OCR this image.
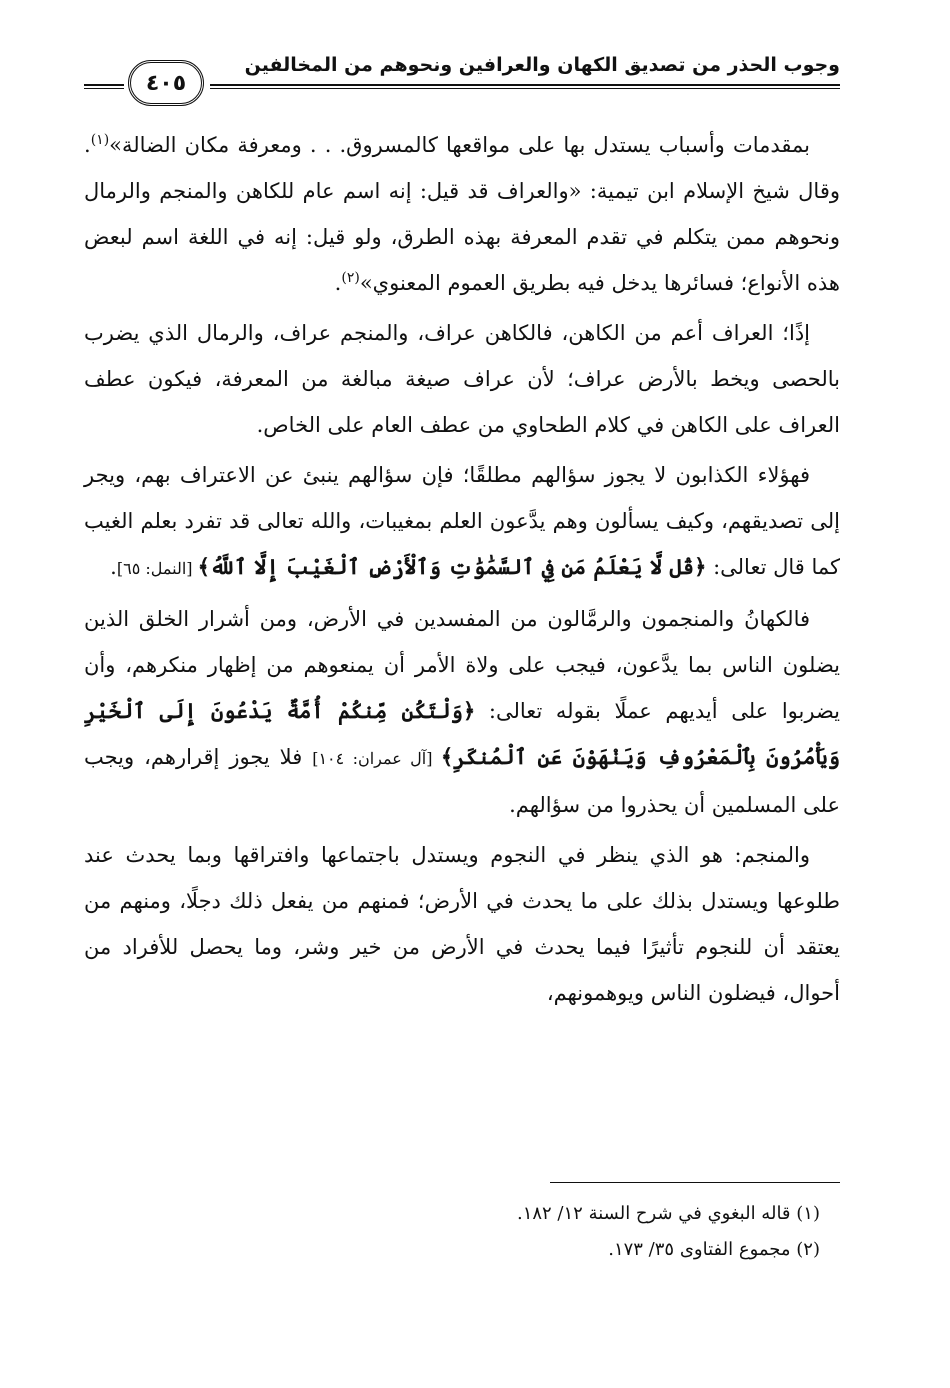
وجوب الحذر من تصديق الكهان والعرافين ونحوهم من المخالفين
٤٠٥

بمقدمات وأسباب يستدل بها على مواقعها كالمسروق. . . ومعرفة مكان الضالة»$^{(١)}$. وقال شيخ الإسلام ابن تيمية: «والعراف قد قيل: إنه اسم عام للكاهن والمنجم والرمال ونحوهم ممن يتكلم في تقدم المعرفة بهذه الطرق، ولو قيل: إنه في اللغة اسم لبعض هذه الأنواع؛ فسائرها يدخل فيه بطريق العموم المعنوي»$^{(٢)}$.

إذًا؛ العراف أعم من الكاهن، فالكاهن عراف، والمنجم عراف، والرمال الذي يضرب بالحصى ويخط بالأرض عراف؛ لأن عراف صيغة مبالغة من المعرفة، فيكون عطف العراف على الكاهن في كلام الطحاوي من عطف العام على الخاص.

فهؤلاء الكذابون لا يجوز سؤالهم مطلقًا؛ فإن سؤالهم ينبئ عن الاعتراف بهم، ويجر إلى تصديقهم، وكيف يسألون وهم يدَّعون العلم بمغيبات، والله تعالى قد تفرد بعلم الغيب كما قال تعالى: ﴿قُل لَّا يَعْلَمُ مَن فِي ٱلسَّمَٰوَٰتِ وَٱلْأَرْضِ ٱلْغَيْبَ إِلَّا ٱللَّهُ﴾ [النمل: ٦٥].

فالكهانُ والمنجمون والرمَّالون من المفسدين في الأرض، ومن أشرار الخلق الذين يضلون الناس بما يدَّعون، فيجب على ولاة الأمر أن يمنعوهم من إظهار منكرهم، وأن يضربوا على أيديهم عملًا بقوله تعالى: ﴿وَلْتَكُن مِّنكُمْ أُمَّةٌ يَدْعُونَ إِلَى ٱلْخَيْرِ وَيَأْمُرُونَ بِٱلْمَعْرُوفِ وَيَنْهَوْنَ عَنِ ٱلْمُنكَرِ﴾ [آل عمران: ١٠٤] فلا يجوز إقرارهم، ويجب على المسلمين أن يحذروا من سؤالهم.

والمنجم: هو الذي ينظر في النجوم ويستدل باجتماعها وافتراقها وبما يحدث عند طلوعها ويستدل بذلك على ما يحدث في الأرض؛ فمنهم من يفعل ذلك دجلًا، ومنهم من يعتقد أن للنجوم تأثيرًا فيما يحدث في الأرض من خير وشر، وما يحصل للأفراد من أحوال، فيضلون الناس ويوهمونهم،

(١) قاله البغوي في شرح السنة ١٢/ ١٨٢.
(٢) مجموع الفتاوى ٣٥/ ١٧٣.
